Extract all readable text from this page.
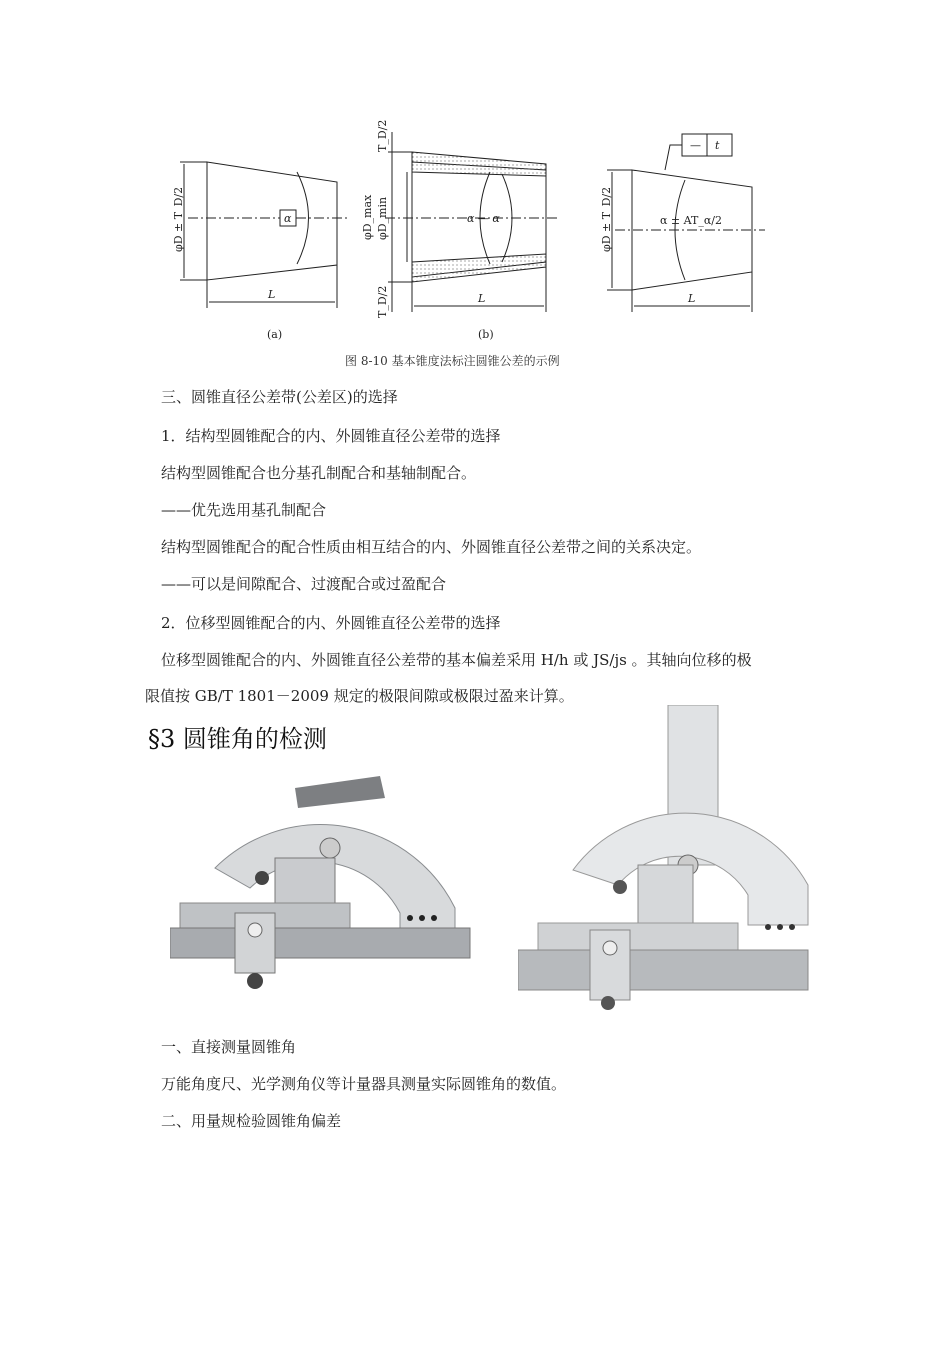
φD ± T_D/2	α
L
T_D/2
φD_max φD_min	α — α
T_D/2	L
φD ± T_D/2	α ± AT_α/2
L
— t
(a)	(b)
图 8-10 基本锥度法标注圆锥公差的示例
三、圆锥直径公差带(公差区)的选择
1．结构型圆锥配合的内、外圆锥直径公差带的选择
结构型圆锥配合也分基孔制配合和基轴制配合。
——优先选用基孔制配合
结构型圆锥配合的配合性质由相互结合的内、外圆锥直径公差带之间的关系决定。
——可以是间隙配合、过渡配合或过盈配合
2．位移型圆锥配合的内、外圆锥直径公差带的选择
位移型圆锥配合的内、外圆锥直径公差带的基本偏差采用 H/h 或 JS/js 。其轴向位移的极
限值按 GB/T 1801－2009 规定的极限间隙或极限过盈来计算。
§3 圆锥角的检测
一、直接测量圆锥角
万能角度尺、光学测角仪等计量器具测量实际圆锥角的数值。
二、用量规检验圆锥角偏差
